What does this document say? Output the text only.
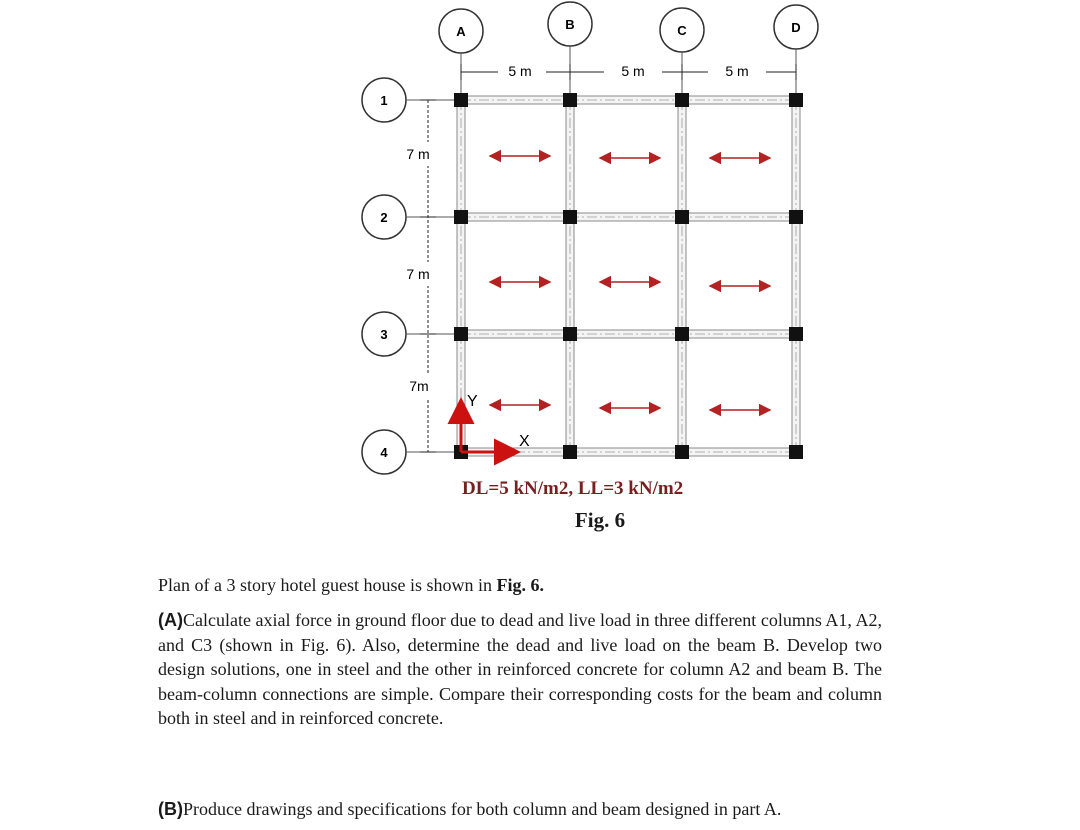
A	B	C	D
1
2
3
4
5 m	5 m	5 m
7 m
7 m
7m
Y
X
DL=5 kN/m2, LL=3 kN/m2
Fig. 6
Plan of a 3 story hotel guest house is shown in Fig. 6.
(A)Calculate axial force in ground floor due to dead and live load in three different columns A1, A2, and C3 (shown in Fig. 6). Also, determine the dead and live load on the beam B. Develop two design solutions, one in steel and the other in reinforced concrete for column A2 and beam B. The beam-column connections are simple. Compare their corresponding costs for the beam and column both in steel and in reinforced concrete.
(B)Produce drawings and specifications for both column and beam designed in part A.
